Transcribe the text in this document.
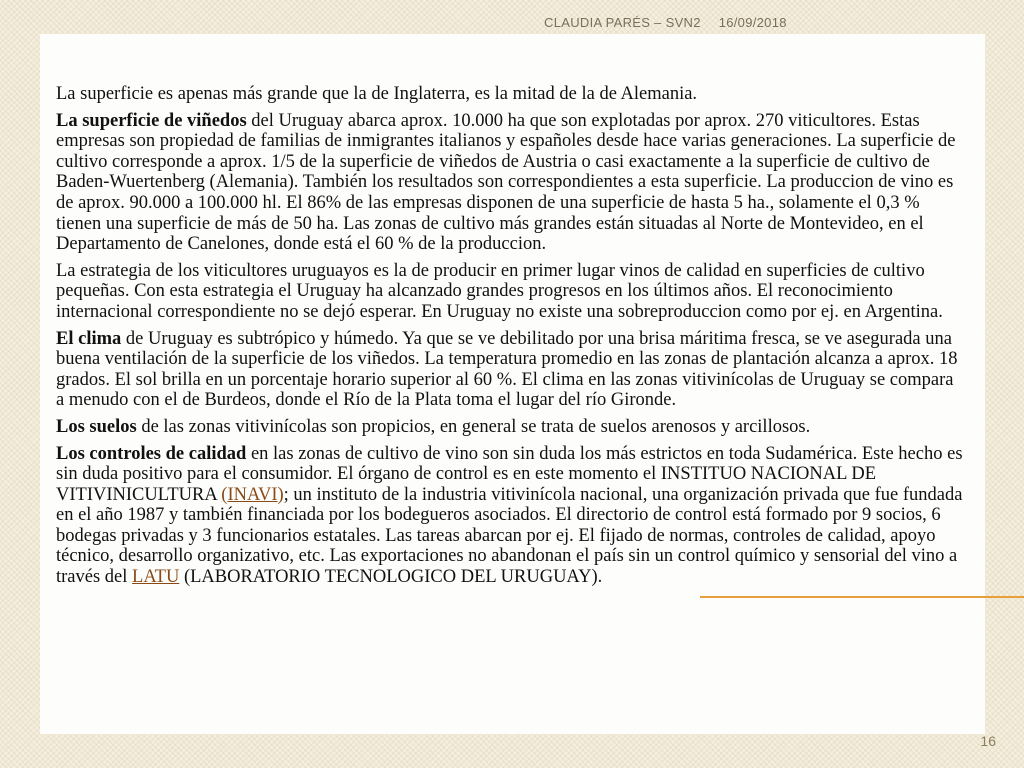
CLAUDIA PARÉS – SVN2 16/09/2018

La superficie es apenas más grande que la de Inglaterra, es la mitad de la de Alemania.

La superficie de viñedos del Uruguay abarca aprox. 10.000 ha que son explotadas por aprox. 270 viticultores. Estas empresas son propiedad de familias de inmigrantes italianos y españoles desde hace varias generaciones. La superficie de cultivo corresponde a aprox. 1/5 de la superficie de viñedos de Austria o casi exactamente a la superficie de cultivo de Baden-Wuertenberg (Alemania). También los resultados son correspondientes a esta superficie. La produccion de vino es de aprox. 90.000 a 100.000 hl. El 86% de las empresas disponen de una superficie de hasta 5 ha., solamente el 0,3 % tienen una superficie de más de 50 ha. Las zonas de cultivo más grandes están situadas al Norte de Montevideo, en el Departamento de Canelones, donde está el 60 % de la produccion.

La estrategia de los viticultores uruguayos es la de producir en primer lugar vinos de calidad en superficies de cultivo pequeñas. Con esta estrategia el Uruguay ha alcanzado grandes progresos en los últimos años. El reconocimiento internacional correspondiente no se dejó esperar. En Uruguay no existe una sobreproduccion como por ej. en Argentina.

El clima de Uruguay es subtrópico y húmedo. Ya que se ve debilitado por una brisa máritima fresca, se ve asegurada una buena ventilación de la superficie de los viñedos. La temperatura promedio en las zonas de plantación alcanza a aprox. 18 grados. El sol brilla en un porcentaje horario superior al 60 %. El clima en las zonas vitivinícolas de Uruguay se compara a menudo con el de Burdeos, donde el Río de la Plata toma el lugar del río Gironde.

Los suelos de las zonas vitivinícolas son propicios, en general se trata de suelos arenosos y arcillosos.

Los controles de calidad en las zonas de cultivo de vino son sin duda los más estrictos en toda Sudamérica. Este hecho es sin duda positivo para el consumidor. El órgano de control es en este momento el INSTITUO NACIONAL DE VITIVINICULTURA (INAVI); un instituto de la industria vitivinícola nacional, una organización privada que fue fundada en el año 1987 y también financiada por los bodegueros asociados. El directorio de control está formado por 9 socios, 6 bodegas privadas y 3 funcionarios estatales. Las tareas abarcan por ej. El fijado de normas, controles de calidad, apoyo técnico, desarrollo organizativo, etc. Las exportaciones no abandonan el país sin un control químico y sensorial del vino a través del LATU (LABORATORIO TECNOLOGICO DEL URUGUAY).

16
